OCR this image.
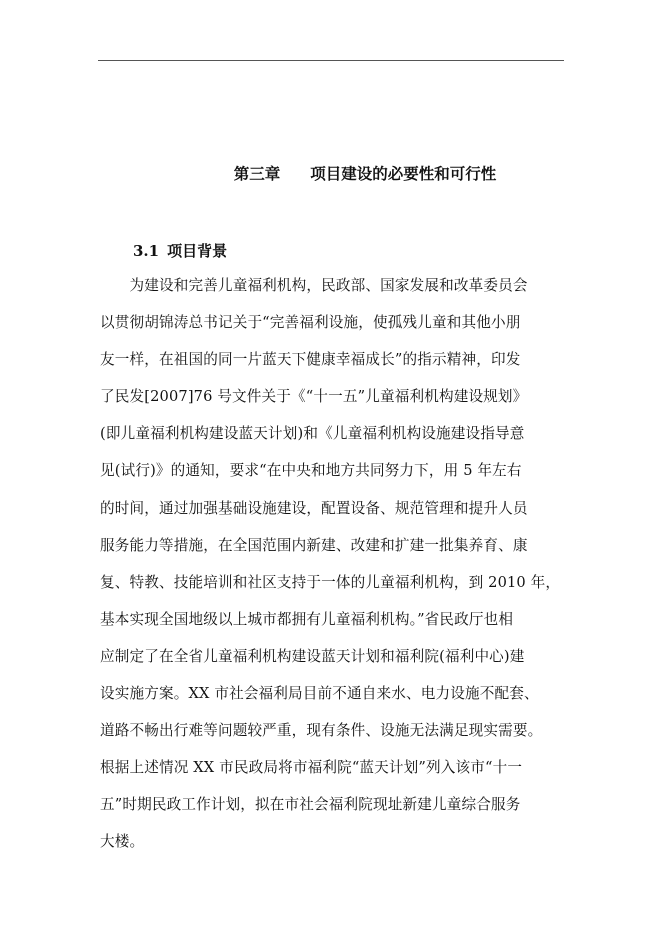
第三章 项目建设的必要性和可行性
3.1 项目背景
　　为建设和完善儿童福利机构，民政部、国家发展和改革委员会
以贯彻胡锦涛总书记关于“完善福利设施，使孤残儿童和其他小朋
友一样，在祖国的同一片蓝天下健康幸福成长”的指示精神，印发
了民发[2007]76 号文件关于《“十一五”儿童福利机构建设规划》
(即儿童福利机构建设蓝天计划)和《儿童福利机构设施建设指导意
见(试行)》的通知，要求“在中央和地方共同努力下，用 5 年左右
的时间，通过加强基础设施建设，配置设备、规范管理和提升人员
服务能力等措施，在全国范围内新建、改建和扩建一批集养育、康
复、特教、技能培训和社区支持于一体的儿童福利机构，到 2010 年，
基本实现全国地级以上城市都拥有儿童福利机构。”省民政厅也相
应制定了在全省儿童福利机构建设蓝天计划和福利院(福利中心)建
设实施方案。XX 市社会福利局目前不通自来水、电力设施不配套、
道路不畅出行难等问题较严重，现有条件、设施无法满足现实需要。
根据上述情况 XX 市民政局将市福利院“蓝天计划”列入该市“十一
五”时期民政工作计划，拟在市社会福利院现址新建儿童综合服务
大楼。
